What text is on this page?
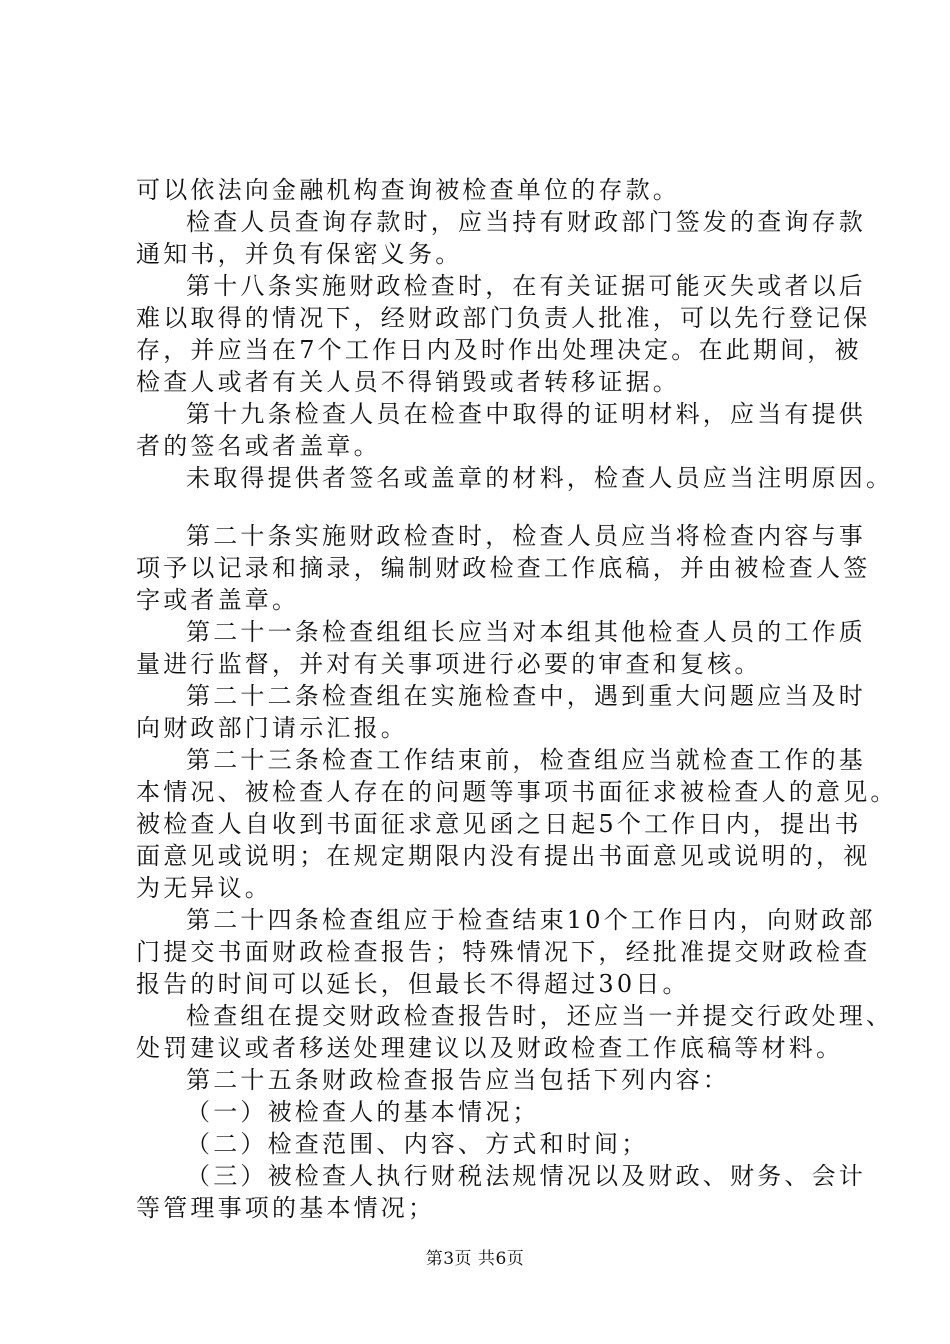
可以依法向金融机构查询被检查单位的存款。
检查人员查询存款时，应当持有财政部门签发的查询存款
通知书，并负有保密义务。
第十八条实施财政检查时，在有关证据可能灭失或者以后
难以取得的情况下，经财政部门负责人批准，可以先行登记保
存，并应当在7个工作日内及时作出处理决定。在此期间，被
检查人或者有关人员不得销毁或者转移证据。
第十九条检查人员在检查中取得的证明材料，应当有提供
者的签名或者盖章。
未取得提供者签名或盖章的材料，检查人员应当注明原因。
第二十条实施财政检查时，检查人员应当将检查内容与事
项予以记录和摘录，编制财政检查工作底稿，并由被检查人签
字或者盖章。
第二十一条检查组组长应当对本组其他检查人员的工作质
量进行监督，并对有关事项进行必要的审查和复核。
第二十二条检查组在实施检查中，遇到重大问题应当及时
向财政部门请示汇报。
第二十三条检查工作结束前，检查组应当就检查工作的基
本情况、被检查人存在的问题等事项书面征求被检查人的意见。
被检查人自收到书面征求意见函之日起5个工作日内，提出书
面意见或说明；在规定期限内没有提出书面意见或说明的，视
为无异议。
第二十四条检查组应于检查结束10个工作日内，向财政部
门提交书面财政检查报告；特殊情况下，经批准提交财政检查
报告的时间可以延长，但最长不得超过30日。
检查组在提交财政检查报告时，还应当一并提交行政处理、
处罚建议或者移送处理建议以及财政检查工作底稿等材料。
第二十五条财政检查报告应当包括下列内容：
（一）被检查人的基本情况；
（二）检查范围、内容、方式和时间；
（三）被检查人执行财税法规情况以及财政、财务、会计
等管理事项的基本情况；
第3页 共6页
